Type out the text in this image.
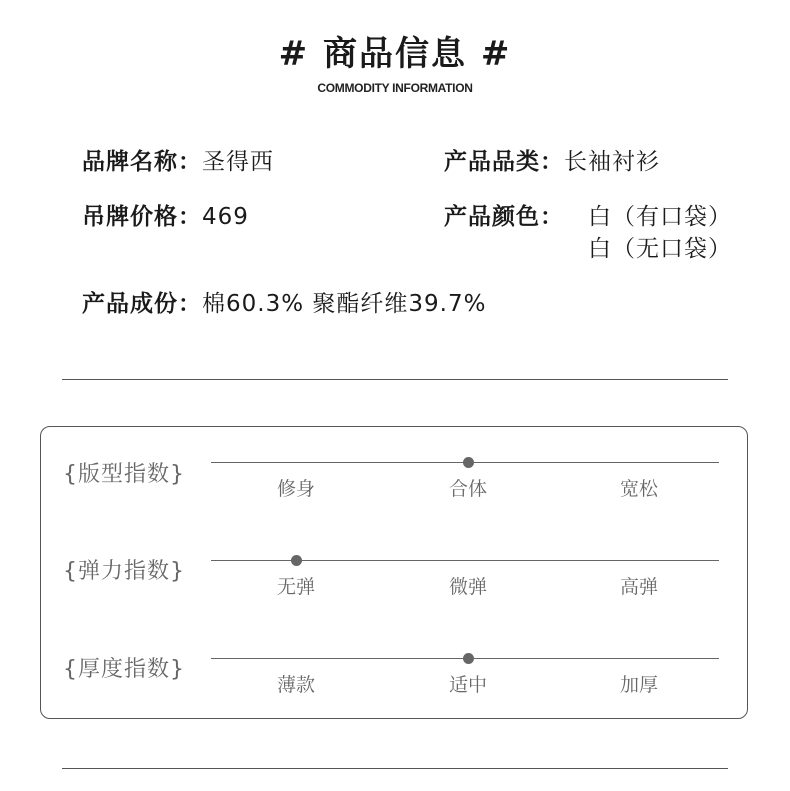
# 商品信息 #
COMMODITY INFORMATION
品牌名称：圣得西	产品品类：长袖衬衫
吊牌价格：469	产品颜色： 白（有口袋）
白（无口袋）
产品成份：棉60.3% 聚酯纤维39.7%
{版型指数}
修身	合体	宽松
{弹力指数}
无弹	微弹	高弹
{厚度指数}
薄款	适中	加厚
